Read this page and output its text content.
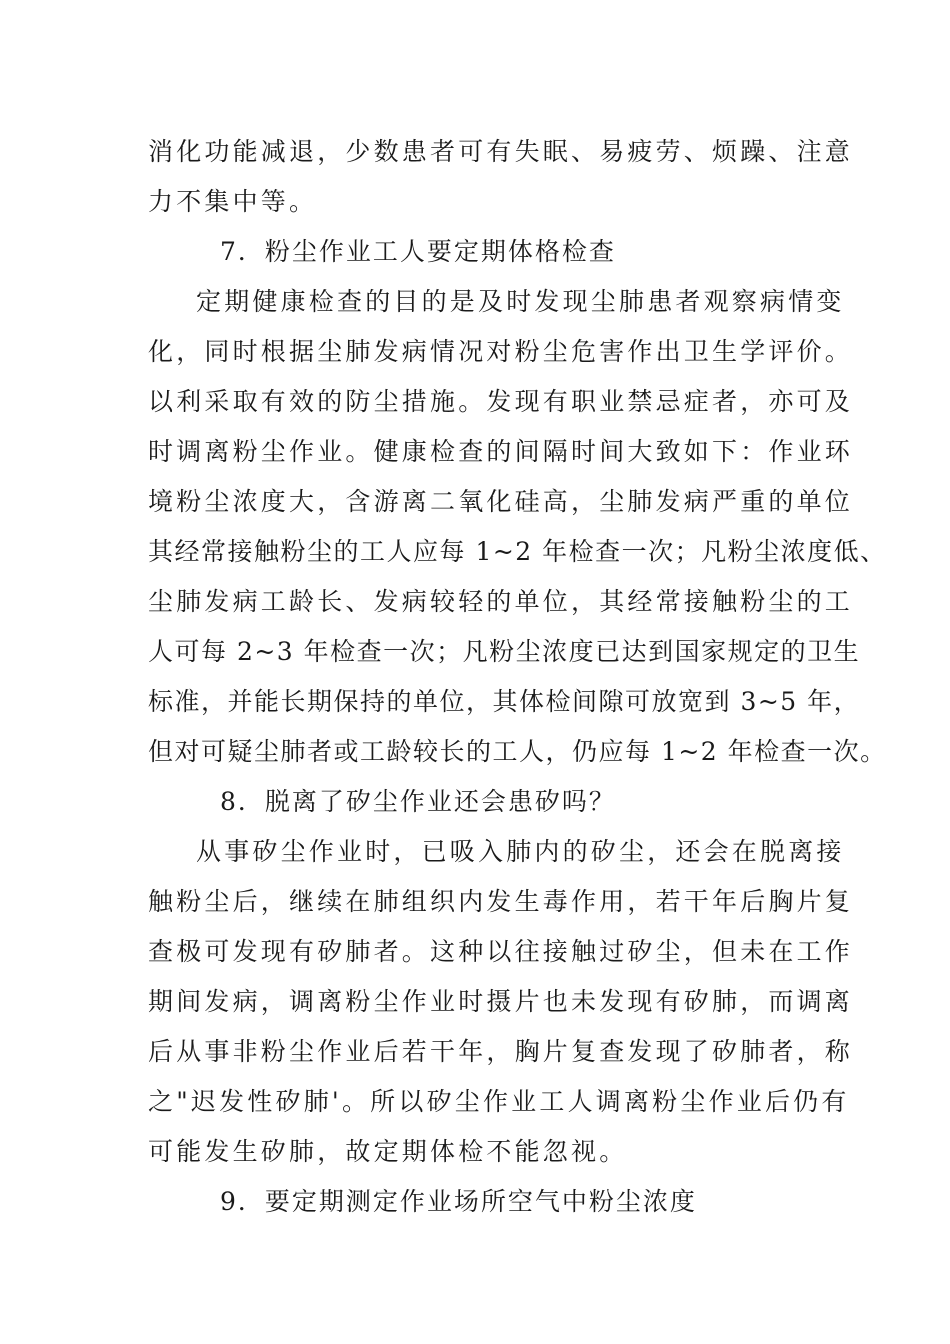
消化功能减退，少数患者可有失眠、易疲劳、烦躁、注意
力不集中等。
7．粉尘作业工人要定期体格检查
定期健康检查的目的是及时发现尘肺患者观察病情变
化，同时根据尘肺发病情况对粉尘危害作出卫生学评价。
以利采取有效的防尘措施。发现有职业禁忌症者，亦可及
时调离粉尘作业。健康检查的间隔时间大致如下：作业环
境粉尘浓度大，含游离二氧化硅高，尘肺发病严重的单位
其经常接触粉尘的工人应每 1~2 年检查一次；凡粉尘浓度低、
尘肺发病工龄长、发病较轻的单位，其经常接触粉尘的工
人可每 2~3 年检查一次；凡粉尘浓度已达到国家规定的卫生
标准，并能长期保持的单位，其体检间隙可放宽到 3~5 年，
但对可疑尘肺者或工龄较长的工人，仍应每 1~2 年检查一次。
8．脱离了矽尘作业还会患矽吗？
从事矽尘作业时，已吸入肺内的矽尘，还会在脱离接
触粉尘后，继续在肺组织内发生毒作用，若干年后胸片复
查极可发现有矽肺者。这种以往接触过矽尘，但未在工作
期间发病，调离粉尘作业时摄片也未发现有矽肺，而调离
后从事非粉尘作业后若干年，胸片复查发现了矽肺者，称
之"迟发性矽肺'。所以矽尘作业工人调离粉尘作业后仍有
可能发生矽肺，故定期体检不能忽视。
9．要定期测定作业场所空气中粉尘浓度
